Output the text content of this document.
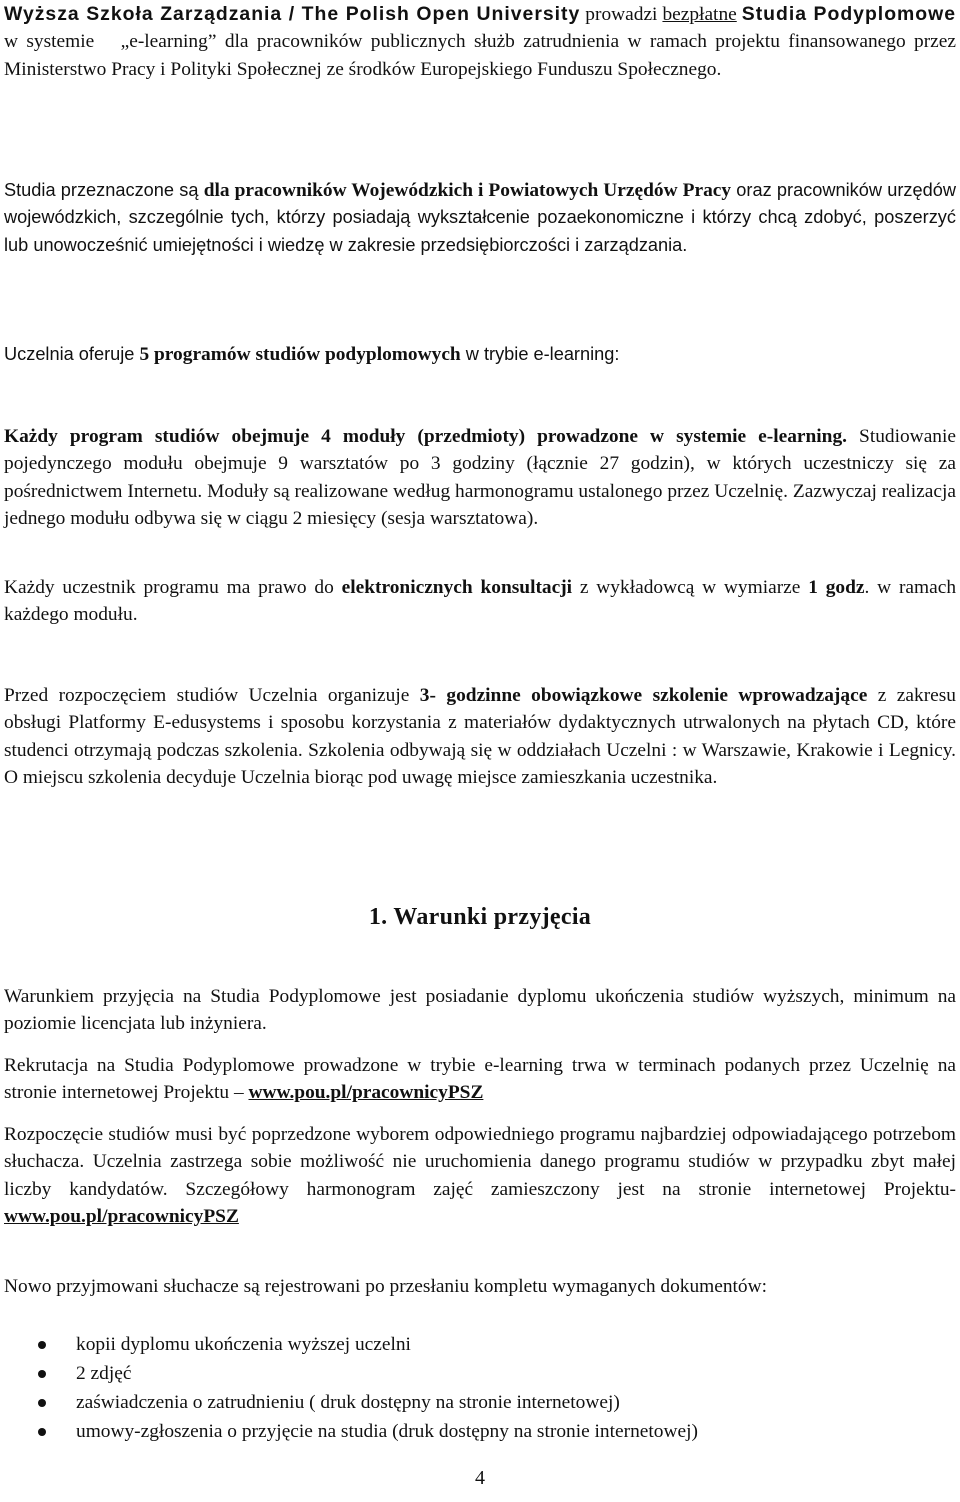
Wyższa Szkoła Zarządzania / The Polish Open University prowadzi bezpłatne Studia Podyplomowe w systemie „e-learning” dla pracowników publicznych służb zatrudnienia w ramach projektu finansowanego przez Ministerstwo Pracy i Polityki Społecznej ze środków Europejskiego Funduszu Społecznego.

Studia przeznaczone są dla pracowników Wojewódzkich i Powiatowych Urzędów Pracy oraz pracowników urzędów wojewódzkich, szczególnie tych, którzy posiadają wykształcenie pozaekonomiczne i którzy chcą zdobyć, poszerzyć lub unowocześnić umiejętności i wiedzę w zakresie przedsiębiorczości i zarządzania.

Uczelnia oferuje 5 programów studiów podyplomowych w trybie e-learning:

Każdy program studiów obejmuje 4 moduły (przedmioty) prowadzone w systemie e-learning. Studiowanie pojedynczego modułu obejmuje 9 warsztatów po 3 godziny (łącznie 27 godzin), w których uczestniczy się za pośrednictwem Internetu. Moduły są realizowane według harmonogramu ustalonego przez Uczelnię. Zazwyczaj realizacja jednego modułu odbywa się w ciągu 2 miesięcy (sesja warsztatowa).

Każdy uczestnik programu ma prawo do elektronicznych konsultacji z wykładowcą w wymiarze 1 godz. w ramach każdego modułu.

Przed rozpoczęciem studiów Uczelnia organizuje 3- godzinne obowiązkowe szkolenie wprowadzające z zakresu obsługi Platformy E-edusystems i sposobu korzystania z materiałów dydaktycznych utrwalonych na płytach CD, które studenci otrzymają podczas szkolenia. Szkolenia odbywają się w oddziałach Uczelni : w Warszawie, Krakowie i Legnicy. O miejscu szkolenia decyduje Uczelnia biorąc pod uwagę miejsce zamieszkania uczestnika.

1. Warunki przyjęcia

Warunkiem przyjęcia na Studia Podyplomowe jest posiadanie dyplomu ukończenia studiów wyższych, minimum na poziomie licencjata lub inżyniera.

Rekrutacja na Studia Podyplomowe prowadzone w trybie e-learning trwa w terminach podanych przez Uczelnię na stronie internetowej Projektu – www.pou.pl/pracownicyPSZ

Rozpoczęcie studiów musi być poprzedzone wyborem odpowiedniego programu najbardziej odpowiadającego potrzebom słuchacza. Uczelnia zastrzega sobie możliwość nie uruchomienia danego programu studiów w przypadku zbyt małej liczby kandydatów. Szczegółowy harmonogram zajęć zamieszczony jest na stronie internetowej Projektu- www.pou.pl/pracownicyPSZ

Nowo przyjmowani słuchacze są rejestrowani po przesłaniu kompletu wymaganych dokumentów:

kopii dyplomu ukończenia wyższej uczelni
2 zdjęć
zaświadczenia o zatrudnieniu ( druk dostępny na stronie internetowej)
umowy-zgłoszenia o przyjęcie na studia (druk dostępny na stronie internetowej)
4
